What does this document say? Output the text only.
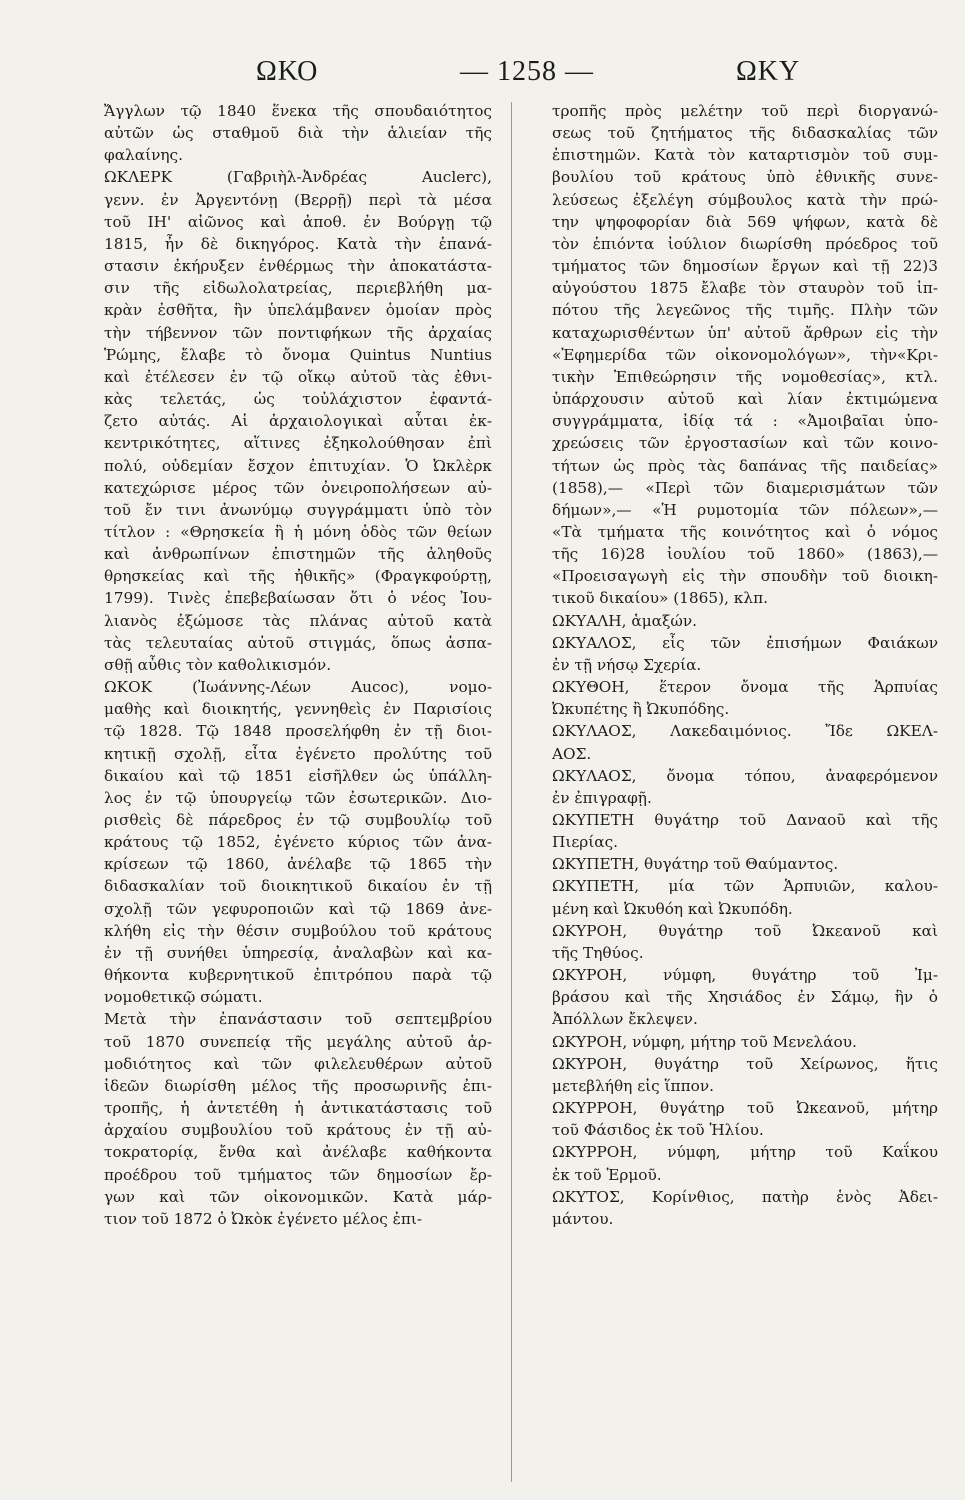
ΩΚΟ	— 1258 —	ΩΚΥ
Ἄγγλων τῷ 1840 ἕνεκα τῆς σπουδαιότητος
αὐτῶν ὡς σταθμοῦ διὰ τὴν ἁλιείαν τῆς
φαλαίνης.
ΩΚΛΕΡΚ (Γαβριὴλ-Ἀνδρέας Auclerc),
γενν. ἐν Ἀργεντόνῃ (Βερρῇ) περὶ τὰ μέσα
τοῦ ΙΗ' αἰῶνος καὶ ἀποθ. ἐν Βούργῃ τῷ
1815, ἦν δὲ δικηγόρος. Κατὰ τὴν ἐπανά-
στασιν ἐκήρυξεν ἐνθέρμως τὴν ἀποκατάστα-
σιν τῆς εἰδωλολατρείας, περιεβλήθη μα-
κρὰν ἐσθῆτα, ἣν ὑπελάμβανεν ὁμοίαν πρὸς
τὴν τήβεννον τῶν ποντιφήκων τῆς ἀρχαίας
Ῥώμης, ἔλαβε τὸ ὄνομα Quintus Nuntius
καὶ ἐτέλεσεν ἐν τῷ οἴκῳ αὐτοῦ τὰς ἐθνι-
κὰς τελετάς, ὡς τοὐλάχιστον ἐφαντά-
ζετο αὐτάς. Αἱ ἀρχαιολογικαὶ αὗται ἐκ-
κεντρικότητες, αἵτινες ἐξηκολούθησαν ἐπὶ
πολύ, οὐδεμίαν ἔσχον ἐπιτυχίαν. Ὁ Ὠκλὲρκ
κατεχώρισε μέρος τῶν ὀνειροπολήσεων αὐ-
τοῦ ἔν τινι ἀνωνύμῳ συγγράμματι ὑπὸ τὸν
τίτλον : «Θρησκεία ἢ ἡ μόνη ὁδὸς τῶν θείων
καὶ ἀνθρωπίνων ἐπιστημῶν τῆς ἀληθοῦς
θρησκείας καὶ τῆς ἠθικῆς» (Φραγκφούρτῃ,
1799). Τινὲς ἐπεβεβαίωσαν ὅτι ὁ νέος Ἰου-
λιανὸς ἐξώμοσε τὰς πλάνας αὐτοῦ κατὰ
τὰς τελευταίας αὐτοῦ στιγμάς, ὅπως ἀσπα-
σθῇ αὖθις τὸν καθολικισμόν.
ΩΚΟΚ (Ἰωάννης-Λέων Aucoc), νομο-
μαθὴς καὶ διοικητής, γεννηθεὶς ἐν Παρισίοις
τῷ 1828. Τῷ 1848 προσελήφθη ἐν τῇ διοι-
κητικῇ σχολῇ, εἶτα ἐγένετο προλύτης τοῦ
δικαίου καὶ τῷ 1851 εἰσῆλθεν ὡς ὑπάλλη-
λος ἐν τῷ ὑπουργείῳ τῶν ἐσωτερικῶν. Διο-
ρισθεὶς δὲ πάρεδρος ἐν τῷ συμβουλίῳ τοῦ
κράτους τῷ 1852, ἐγένετο κύριος τῶν ἀνα-
κρίσεων τῷ 1860, ἀνέλαβε τῷ 1865 τὴν
διδασκαλίαν τοῦ διοικητικοῦ δικαίου ἐν τῇ
σχολῇ τῶν γεφυροποιῶν καὶ τῷ 1869 ἀνε-
κλήθη εἰς τὴν θέσιν συμβούλου τοῦ κράτους
ἐν τῇ συνήθει ὑπηρεσίᾳ, ἀναλαβὼν καὶ κα-
θήκοντα κυβερνητικοῦ ἐπιτρόπου παρὰ τῷ
νομοθετικῷ σώματι.
Μετὰ τὴν ἐπανάστασιν τοῦ σεπτεμβρίου
τοῦ 1870 συνεπείᾳ τῆς μεγάλης αὐτοῦ ἁρ-
μοδιότητος καὶ τῶν φιλελευθέρων αὐτοῦ
ἰδεῶν διωρίσθη μέλος τῆς προσωρινῆς ἐπι-
τροπῆς, ἡ ἀντετέθη ἡ ἀντικατάστασις τοῦ
ἀρχαίου συμβουλίου τοῦ κράτους ἐν τῇ αὐ-
τοκρατορίᾳ, ἔνθα καὶ ἀνέλαβε καθήκοντα
προέδρου τοῦ τμήματος τῶν δημοσίων ἔρ-
γων καὶ τῶν οἰκονομικῶν. Κατὰ μάρ-
τιον τοῦ 1872 ὁ Ὠκὸκ ἐγένετο μέλος ἐπι-
τροπῆς πρὸς μελέτην τοῦ περὶ διοργανώ-
σεως τοῦ ζητήματος τῆς διδασκαλίας τῶν
ἐπιστημῶν. Κατὰ τὸν καταρτισμὸν τοῦ συμ-
βουλίου τοῦ κράτους ὑπὸ ἐθνικῆς συνε-
λεύσεως ἐξελέγη σύμβουλος κατὰ τὴν πρώ-
την ψηφοφορίαν διὰ 569 ψήφων, κατὰ δὲ
τὸν ἐπιόντα ἰούλιον διωρίσθη πρόεδρος τοῦ
τμήματος τῶν δημοσίων ἔργων καὶ τῇ 22)3
αὐγούστου 1875 ἔλαβε τὸν σταυρὸν τοῦ ἱπ-
πότου τῆς λεγεῶνος τῆς τιμῆς. Πλὴν τῶν
καταχωρισθέντων ὑπ' αὐτοῦ ἄρθρων εἰς τὴν
«Ἐφημερίδα τῶν οἰκονομολόγων», τὴν«Κρι-
τικὴν Ἐπιθεώρησιν τῆς νομοθεσίας», κτλ.
ὑπάρχουσιν αὐτοῦ καὶ λίαν ἐκτιμώμενα
συγγράμματα, ἰδίᾳ τά : «Ἀμοιβαῖαι ὑπο-
χρεώσεις τῶν ἐργοστασίων καὶ τῶν κοινο-
τήτων ὡς πρὸς τὰς δαπάνας τῆς παιδείας»
(1858),— «Περὶ τῶν διαμερισμάτων τῶν
δήμων»,— «Ἡ ρυμοτομία τῶν πόλεων»,—
«Τὰ τμήματα τῆς κοινότητος καὶ ὁ νόμος
τῆς 16)28 ἰουλίου τοῦ 1860» (1863),—
«Προεισαγωγὴ εἰς τὴν σπουδὴν τοῦ διοικη-
τικοῦ δικαίου» (1865), κλπ.
ΩΚΥΑΛΗ, ἁμαξών.
ΩΚΥΑΛΟΣ, εἷς τῶν ἐπισήμων Φαιάκων
ἐν τῇ νήσῳ Σχερία.
ΩΚΥΘΟΗ, ἕτερον ὄνομα τῆς Ἁρπυίας
Ὠκυπέτης ἢ Ὠκυπόδης.
ΩΚΥΛΑΟΣ, Λακεδαιμόνιος. Ἴδε ΩΚΕΛ-
ΑΟΣ.
ΩΚΥΛΑΟΣ, ὄνομα τόπου, ἀναφερόμενον
ἐν ἐπιγραφῇ.
ΩΚΥΠΕΤΗ θυγάτηρ τοῦ Δαναοῦ καὶ τῆς
Πιερίας.
ΩΚΥΠΕΤΗ, θυγάτηρ τοῦ Θαύμαντος.
ΩΚΥΠΕΤΗ, μία τῶν Ἁρπυιῶν, καλου-
μένη καὶ Ὠκυθόη καὶ Ὠκυπόδη.
ΩΚΥΡΟΗ, θυγάτηρ τοῦ Ὠκεανοῦ καὶ
τῆς Τηθύος.
ΩΚΥΡΟΗ, νύμφη, θυγάτηρ τοῦ Ἰμ-
βράσου καὶ τῆς Χησιάδος ἐν Σάμῳ, ἣν ὁ
Ἀπόλλων ἔκλεψεν.
ΩΚΥΡΟΗ, νύμφη, μήτηρ τοῦ Μενελάου.
ΩΚΥΡΟΗ, θυγάτηρ τοῦ Χείρωνος, ἥτις
μετεβλήθη εἰς ἵππον.
ΩΚΥΡΡΟΗ, θυγάτηρ τοῦ Ὠκεανοῦ, μήτηρ
τοῦ Φάσιδος ἐκ τοῦ Ἡλίου.
ΩΚΥΡΡΟΗ, νύμφη, μήτηρ τοῦ Καΐκου
ἐκ τοῦ Ἑρμοῦ.
ΩΚΥΤΟΣ, Κορίνθιος, πατὴρ ἑνὸς Ἀδει-
μάντου.
